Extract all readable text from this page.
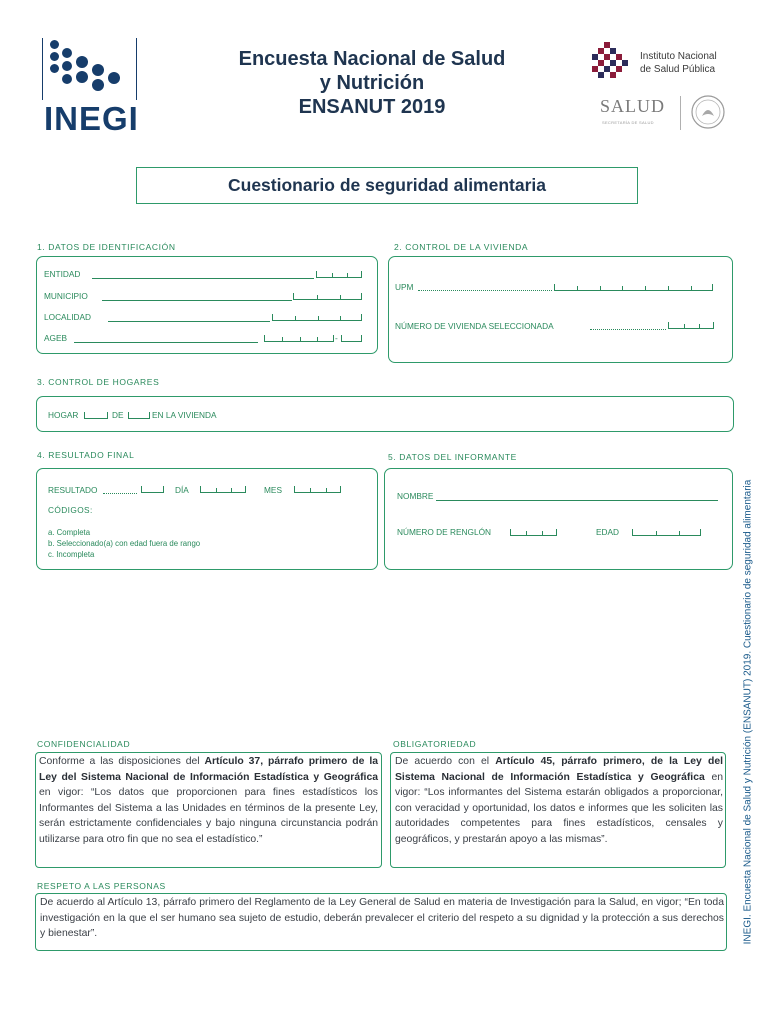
INEGI
Encuesta Nacional de Salud
y Nutrición
ENSANUT 2019
Instituto Nacional
de Salud Pública
SALUD
SECRETARÍA DE SALUD
Cuestionario de seguridad alimentaria
1. DATOS DE IDENTIFICACIÓN
ENTIDAD
MUNICIPIO
LOCALIDAD
AGEB	-
2. CONTROL DE LA VIVIENDA
UPM
NÚMERO DE VIVIENDA SELECCIONADA
3. CONTROL DE HOGARES
HOGAR	DE	EN LA VIVIENDA
4. RESULTADO FINAL
RESULTADO	DÍA	MES
CÓDIGOS:
a. Completa
b. Seleccionado(a) con edad fuera de rango
c. Incompleta
5. DATOS DEL INFORMANTE
NOMBRE
NÚMERO DE RENGLÓN	EDAD
CONFIDENCIALIDAD
Conforme a las disposiciones del Artículo 37, párrafo primero de la Ley del Sistema Nacional de Información Estadística y Geográfica en vigor: “Los datos que proporcionen para fines estadísticos los Informantes del Sistema a las Unidades en términos de la presente Ley, serán estrictamente confidenciales y bajo ninguna circunstancia podrán utilizarse para otro fin que no sea el estadístico.”
OBLIGATORIEDAD
De acuerdo con el Artículo 45, párrafo primero, de la Ley del Sistema Nacional de Información Estadística y Geográfica en vigor: “Los informantes del Sistema estarán obligados a proporcionar, con veracidad y oportunidad, los datos e informes que les soliciten las autoridades competentes para fines estadísticos, censales y geográficos, y prestarán apoyo a las mismas”.
RESPETO A LAS PERSONAS
De acuerdo al Artículo 13, párrafo primero del Reglamento de la Ley General de Salud en materia de Investigación para la Salud, en vigor; “En toda investigación en la que el ser humano sea sujeto de estudio, deberán prevalecer el criterio del respeto a su dignidad y la protección a sus derechos y bienestar”.	INEGI. Encuesta Nacional de Salud y Nutrición (ENSANUT) 2019. Cuestionario de seguridad alimentaria
